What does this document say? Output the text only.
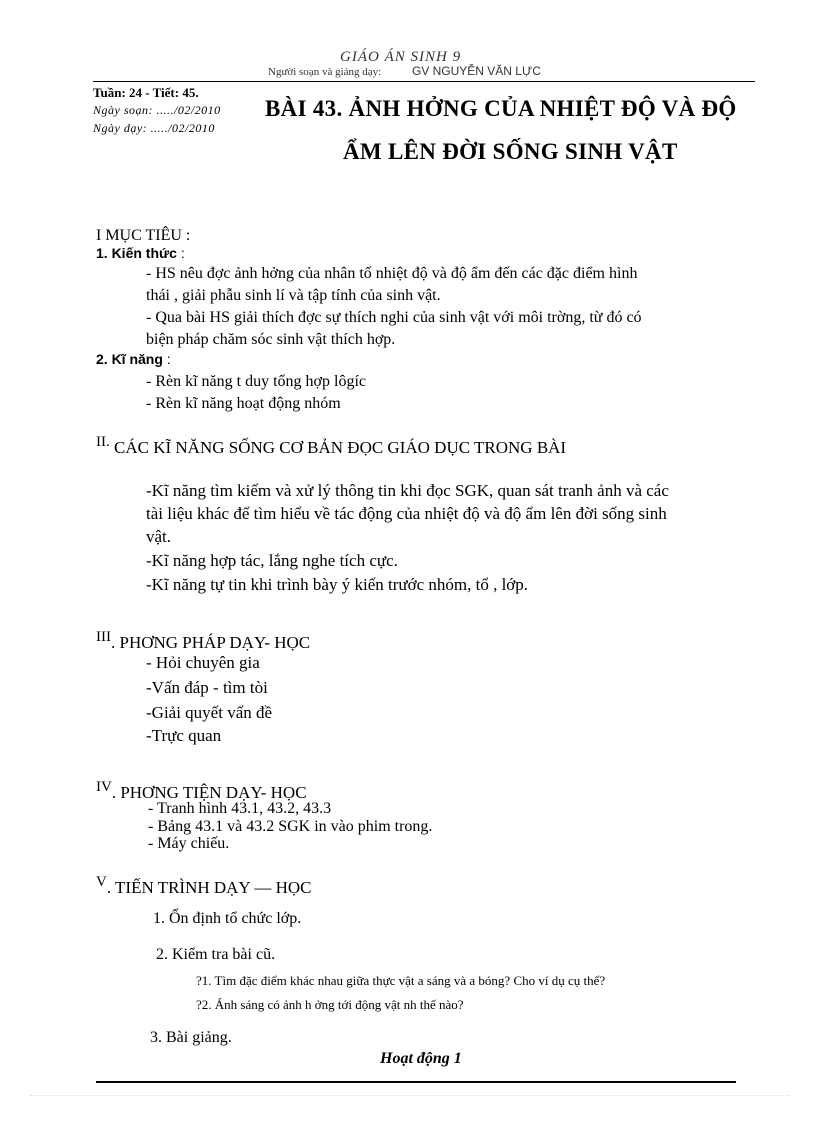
GIÁO ÁN SINH 9
Người soạn và giảng dạy:	GV NGUYỄN VĂN LỰC
Tuần: 24 - Tiết: 45.
Ngày soạn: ...../02/2010
Ngày dạy: ...../02/2010
BÀI 43. ẢNH HỞNG CỦA NHIỆT ĐỘ VÀ ĐỘ
ẨM LÊN ĐỜI SỐNG SINH VẬT
I MỤC TIÊU :
1. Kiến thức :
- HS nêu đợc ảnh hởng của nhân tố nhiệt độ và độ ẩm đến các đặc điểm hình
thái , giải phẫu sinh lí và tập tính của sinh vật.
- Qua bài HS giải thích đợc sự thích nghi của sinh vật với môi trờng, từ đó có
biện pháp chăm sóc sinh vật thích hợp.
2. Kĩ năng :
- Rèn kĩ năng t duy tổng hợp lôgíc
- Rèn kĩ năng hoạt động nhóm
II. CÁC KĨ NĂNG SỐNG CƠ BẢN ĐỌC GIÁO DỤC TRONG BÀI
-Kĩ năng tìm kiếm và xử lý thông tin khi đọc SGK, quan sát tranh ảnh và các
tài liệu khác để tìm hiểu về tác động của nhiệt độ và độ ẩm lên đời sống sinh
vật.
-Kĩ năng hợp tác, lắng nghe tích cực.
-Kĩ năng tự tin khi trình bày ý kiến trước nhóm, tổ , lớp.
III. PHƠNG PHÁP DẠY- HỌC
- Hỏi chuyên gia
-Vấn đáp - tìm tòi
-Giải quyết vấn đề
-Trực quan
IV. PHƠNG TIỆN DẠY- HỌC
- Tranh hình 43.1, 43.2, 43.3
- Bảng 43.1 và 43.2 SGK in vào phim trong.
- Máy chiếu.
V. TIẾN TRÌNH DẠY — HỌC
1. Ổn định tổ chức lớp.
2. Kiểm tra bài cũ.
?1. Tìm đặc điểm khác nhau giữa thực vật a sáng và a bóng? Cho ví dụ cụ thể?
?2. Ánh sáng có ảnh h ởng tới động vật nh thế nào?
3. Bài giảng.
Hoạt động 1
